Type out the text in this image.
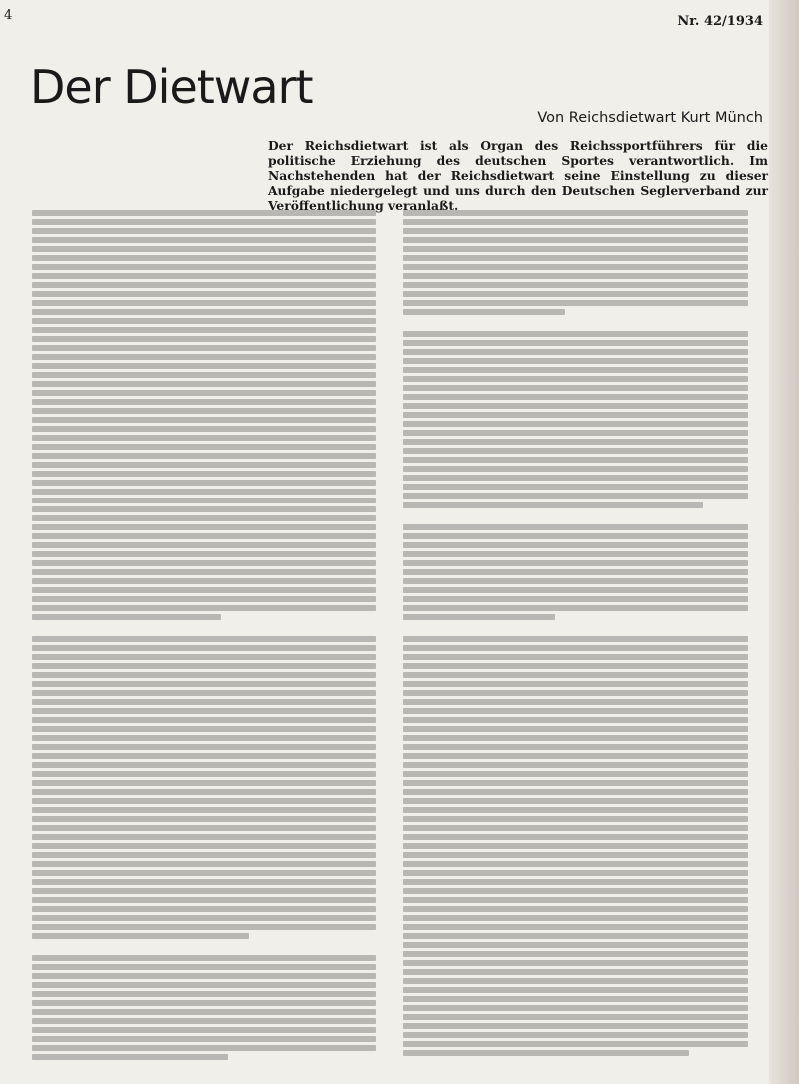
4	Nr. 42/1934
Der Dietwart
Von Reichsdietwart Kurt Münch
Der Reichsdietwart ist als Organ des Reichssportführers für die politische Erziehung des deutschen Sportes verantwortlich. Im Nachstehenden hat der Reichsdietwart seine Einstellung zu dieser Aufgabe niedergelegt und uns durch den Deutschen Seglerverband zur Veröffentlichung veranlaßt.
